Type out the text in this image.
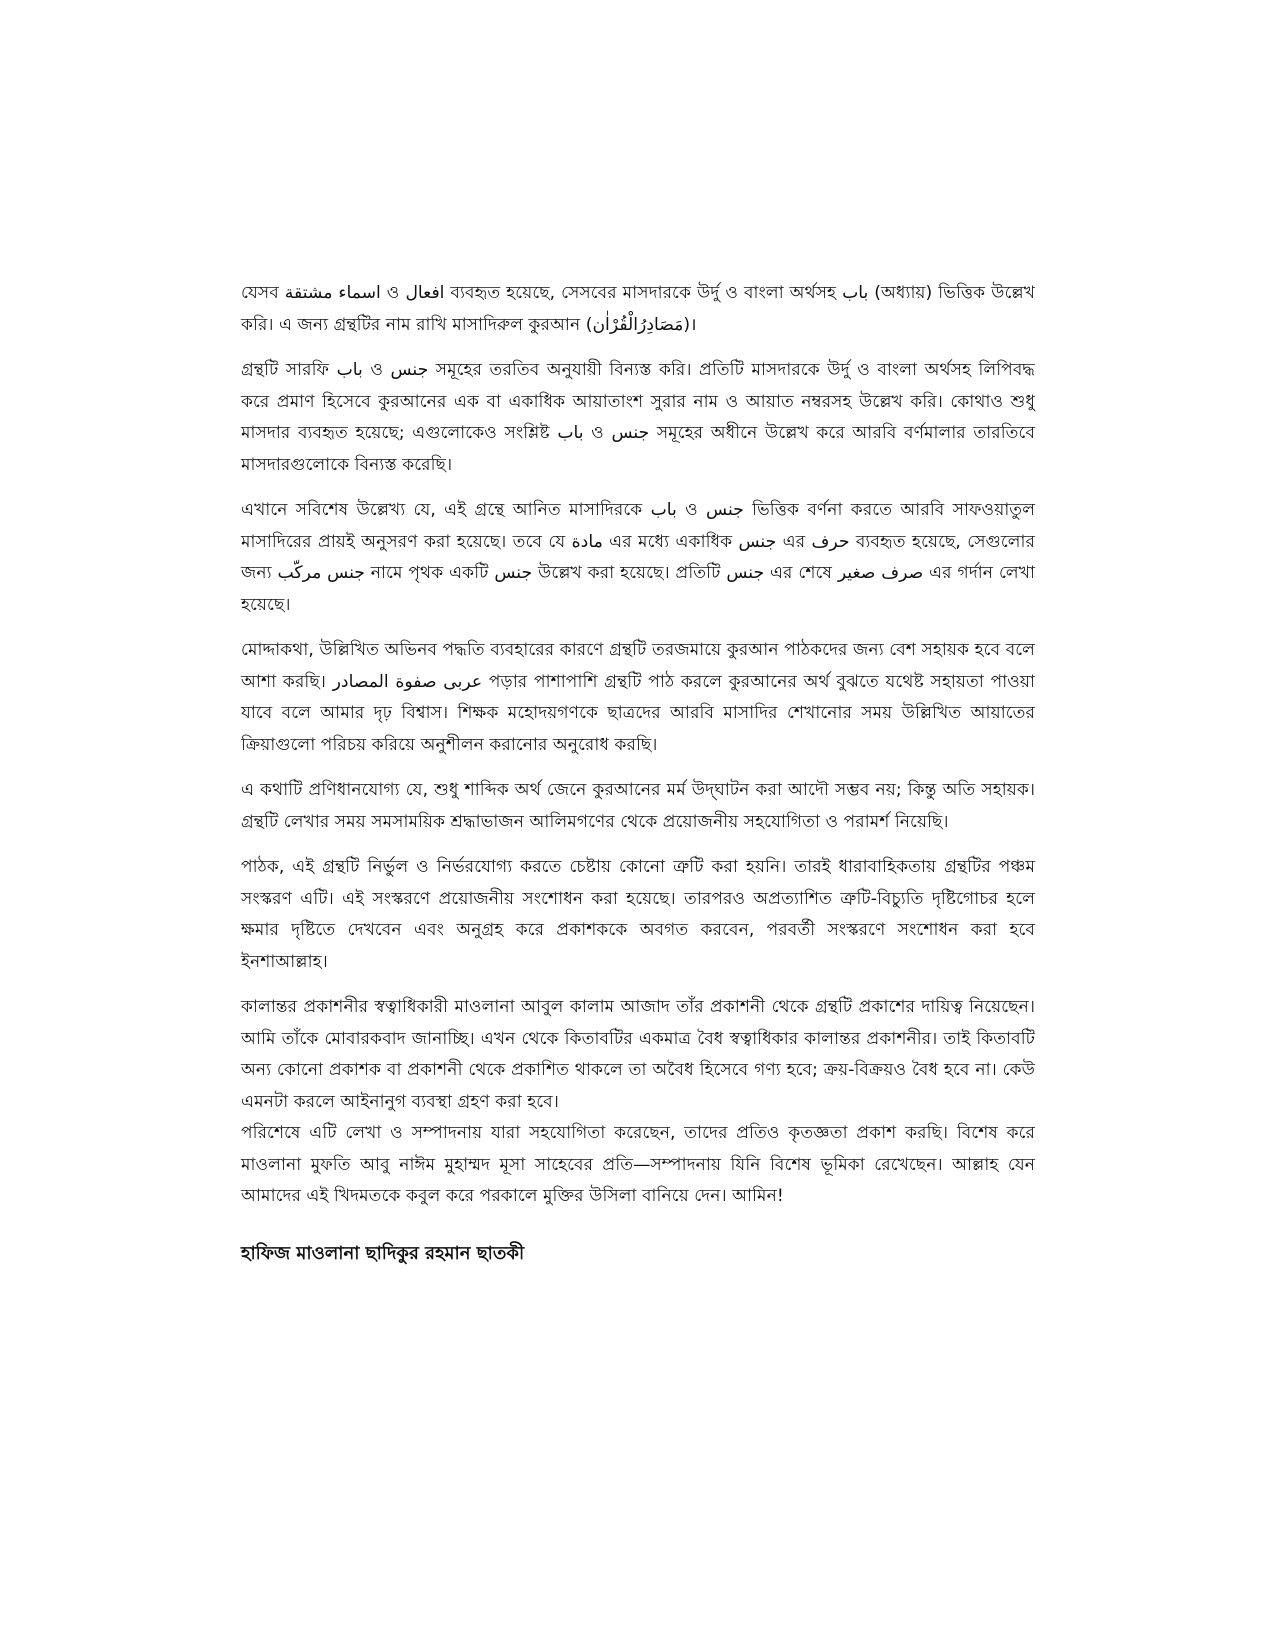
যেসব اسماء مشتقة ও افعال ব্যবহৃত হয়েছে, সেসবের মাসদারকে উর্দু ও বাংলা অর্থসহ باب (অধ্যায়) ভিত্তিক উল্লেখ করি। এ জন্য গ্রন্থটির নাম রাখি মাসাদিরুল কুরআন (مَصَادِرُالْقُرْاٰن)।

গ্রন্থটি সারফি باب ও جنس সমূহের তরতিব অনুযায়ী বিন্যস্ত করি। প্রতিটি মাসদারকে উর্দু ও বাংলা অর্থসহ লিপিবদ্ধ করে প্রমাণ হিসেবে কুরআনের এক বা একাধিক আয়াতাংশ সুরার নাম ও আয়াত নম্বরসহ উল্লেখ করি। কোথাও শুধু মাসদার ব্যবহৃত হয়েছে; এগুলোকেও সংশ্লিষ্ট باب ও جنس সমূহের অধীনে উল্লেখ করে আরবি বর্ণমালার তারতিবে মাসদারগুলোকে বিন্যস্ত করেছি।

এখানে সবিশেষ উল্লেখ্য যে, এই গ্রন্থে আনিত মাসাদিরকে باب ও جنس ভিত্তিক বর্ণনা করতে আরবি সাফওয়াতুল মাসাদিরের প্রায়ই অনুসরণ করা হয়েছে। তবে যে مادة এর মধ্যে একাধিক جنس এর حرف ব্যবহৃত হয়েছে, সেগুলোর জন্য جنس مرکّب নামে পৃথক একটি جنس উল্লেখ করা হয়েছে। প্রতিটি جنس এর শেষে صرف صغیر এর গর্দান লেখা হয়েছে।

মোদ্দাকথা, উল্লিখিত অভিনব পদ্ধতি ব্যবহারের কারণে গ্রন্থটি তরজমায়ে কুরআন পাঠকদের জন্য বেশ সহায়ক হবে বলে আশা করছি। عربی صفوة المصادر পড়ার পাশাপাশি গ্রন্থটি পাঠ করলে কুরআনের অর্থ বুঝতে যথেষ্ট সহায়তা পাওয়া যাবে বলে আমার দৃঢ় বিশ্বাস। শিক্ষক মহোদয়গণকে ছাত্রদের আরবি মাসাদির শেখানোর সময় উল্লিখিত আয়াতের ক্রিয়াগুলো পরিচয় করিয়ে অনুশীলন করানোর অনুরোধ করছি।

এ কথাটি প্রণিধানযোগ্য যে, শুধু শাব্দিক অর্থ জেনে কুরআনের মর্ম উদ্‌ঘাটন করা আদৌ সম্ভব নয়; কিন্তু অতি সহায়ক। গ্রন্থটি লেখার সময় সমসাময়িক শ্রদ্ধাভাজন আলিমগণের থেকে প্রয়োজনীয় সহযোগিতা ও পরামর্শ নিয়েছি।

পাঠক, এই গ্রন্থটি নির্ভুল ও নির্ভরযোগ্য করতে চেষ্টায় কোনো ত্রুটি করা হয়নি। তারই ধারাবাহিকতায় গ্রন্থটির পঞ্চম সংস্করণ এটি। এই সংস্করণে প্রয়োজনীয় সংশোধন করা হয়েছে। তারপরও অপ্রত্যাশিত ত্রুটি-বিচ্যুতি দৃষ্টিগোচর হলে ক্ষমার দৃষ্টিতে দেখবেন এবং অনুগ্রহ করে প্রকাশককে অবগত করবেন, পরবর্তী সংস্করণে সংশোধন করা হবে ইনশাআল্লাহ।

কালান্তর প্রকাশনীর স্বত্বাধিকারী মাওলানা আবুল কালাম আজাদ তাঁর প্রকাশনী থেকে গ্রন্থটি প্রকাশের দায়িত্ব নিয়েছেন। আমি তাঁকে মোবারকবাদ জানাচ্ছি। এখন থেকে কিতাবটির একমাত্র বৈধ স্বত্বাধিকার কালান্তর প্রকাশনীর। তাই কিতাবটি অন্য কোনো প্রকাশক বা প্রকাশনী থেকে প্রকাশিত থাকলে তা অবৈধ হিসেবে গণ্য হবে; ক্রয়-বিক্রয়ও বৈধ হবে না। কেউ এমনটা করলে আইনানুগ ব্যবস্থা গ্রহণ করা হবে।

পরিশেষে এটি লেখা ও সম্পাদনায় যারা সহযোগিতা করেছেন, তাদের প্রতিও কৃতজ্ঞতা প্রকাশ করছি। বিশেষ করে মাওলানা মুফতি আবু নাঈম মুহাম্মদ মূসা সাহেবের প্রতি—সম্পাদনায় যিনি বিশেষ ভূমিকা রেখেছেন। আল্লাহ যেন আমাদের এই খিদমতকে কবুল করে পরকালে মুক্তির উসিলা বানিয়ে দেন। আমিন!

হাফিজ মাওলানা ছাদিকুর রহমান ছাতকী
